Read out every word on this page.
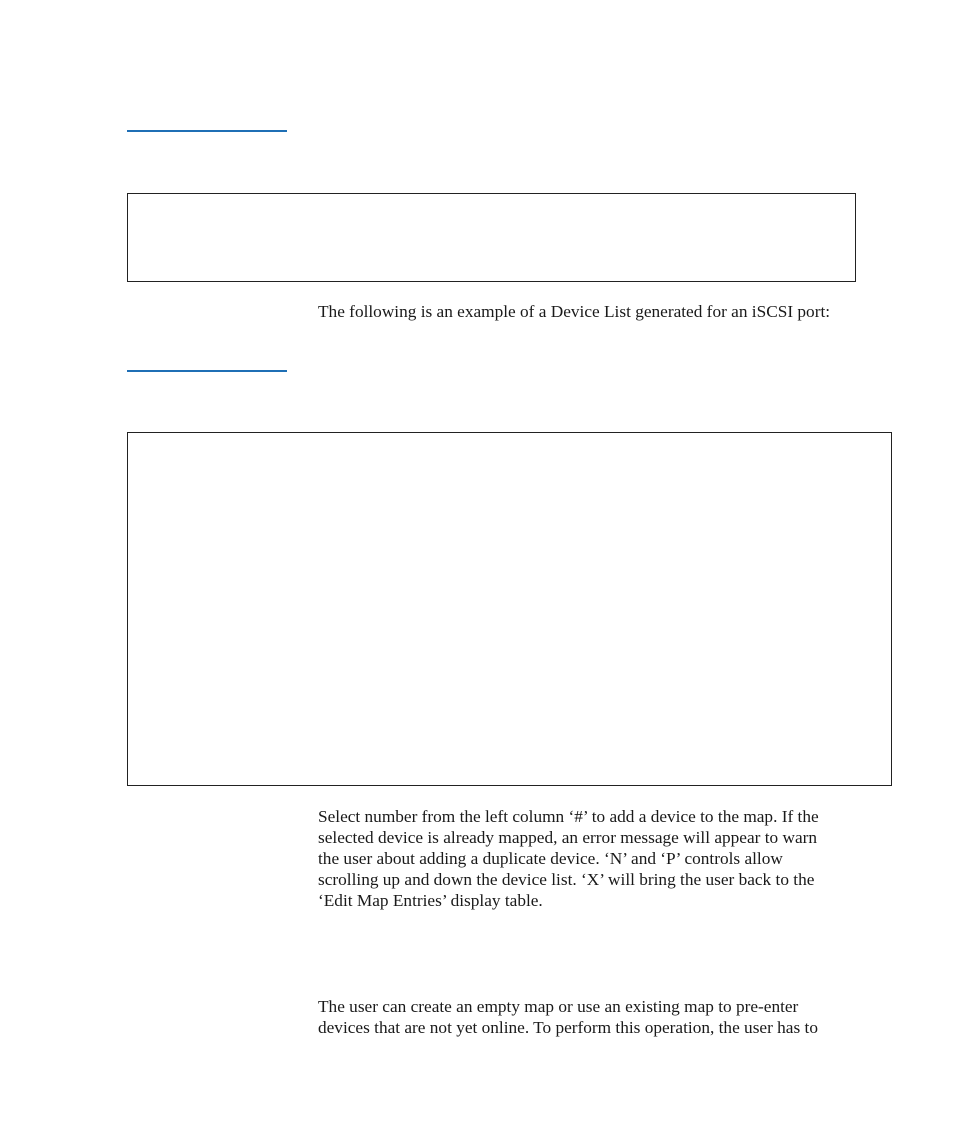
The following is an example of a Device List generated for an iSCSI port:

Select number from the left column ‘#’ to add a device to the map. If the
selected device is already mapped, an error message will appear to warn
the user about adding a duplicate device. ‘N’ and ‘P’ controls allow
scrolling up and down the device list. ‘X’ will bring the user back to the
‘Edit Map Entries’ display table.

The user can create an empty map or use an existing map to pre-enter
devices that are not yet online. To perform this operation, the user has to
